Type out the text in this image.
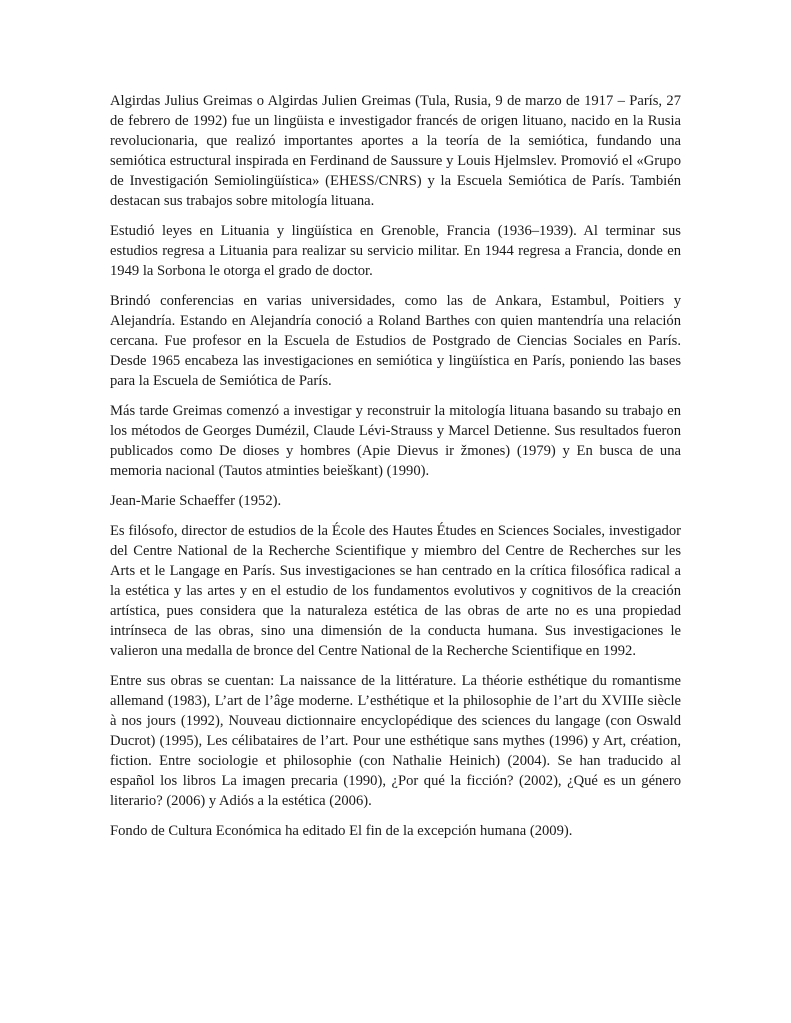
Algirdas Julius Greimas o Algirdas Julien Greimas (Tula, Rusia, 9 de marzo de 1917 – París, 27 de febrero de 1992) fue un lingüista e investigador francés de origen lituano, nacido en la Rusia revolucionaria, que realizó importantes aportes a la teoría de la semiótica, fundando una semiótica estructural inspirada en Ferdinand de Saussure y Louis Hjelmslev. Promovió el «Grupo de Investigación Semiolingüística» (EHESS/CNRS) y la Escuela Semiótica de París. También destacan sus trabajos sobre mitología lituana.

Estudió leyes en Lituania y lingüística en Grenoble, Francia (1936–1939). Al terminar sus estudios regresa a Lituania para realizar su servicio militar. En 1944 regresa a Francia, donde en 1949 la Sorbona le otorga el grado de doctor.

Brindó conferencias en varias universidades, como las de Ankara, Estambul, Poitiers y Alejandría. Estando en Alejandría conoció a Roland Barthes con quien mantendría una relación cercana. Fue profesor en la Escuela de Estudios de Postgrado de Ciencias Sociales en París. Desde 1965 encabeza las investigaciones en semiótica y lingüística en París, poniendo las bases para la Escuela de Semiótica de París.

Más tarde Greimas comenzó a investigar y reconstruir la mitología lituana basando su trabajo en los métodos de Georges Dumézil, Claude Lévi-Strauss y Marcel Detienne. Sus resultados fueron publicados como De dioses y hombres (Apie Dievus ir žmones) (1979) y En busca de una memoria nacional (Tautos atminties beieškant) (1990).

Jean-Marie Schaeffer (1952).

Es filósofo, director de estudios de la École des Hautes Études en Sciences Sociales, investigador del Centre National de la Recherche Scientifique y miembro del Centre de Recherches sur les Arts et le Langage en París. Sus investigaciones se han centrado en la crítica filosófica radical a la estética y las artes y en el estudio de los fundamentos evolutivos y cognitivos de la creación artística, pues considera que la naturaleza estética de las obras de arte no es una propiedad intrínseca de las obras, sino una dimensión de la conducta humana. Sus investigaciones le valieron una medalla de bronce del Centre National de la Recherche Scientifique en 1992.

Entre sus obras se cuentan: La naissance de la littérature. La théorie esthétique du romantisme allemand (1983), L’art de l’âge moderne. L’esthétique et la philosophie de l’art du XVIIIe siècle à nos jours (1992), Nouveau dictionnaire encyclopédique des sciences du langage (con Oswald Ducrot) (1995), Les célibataires de l’art. Pour une esthétique sans mythes (1996) y Art, création, fiction. Entre sociologie et philosophie (con Nathalie Heinich) (2004). Se han traducido al español los libros La imagen precaria (1990), ¿Por qué la ficción? (2002), ¿Qué es un género literario? (2006) y Adiós a la estética (2006).

Fondo de Cultura Económica ha editado El fin de la excepción humana (2009).
